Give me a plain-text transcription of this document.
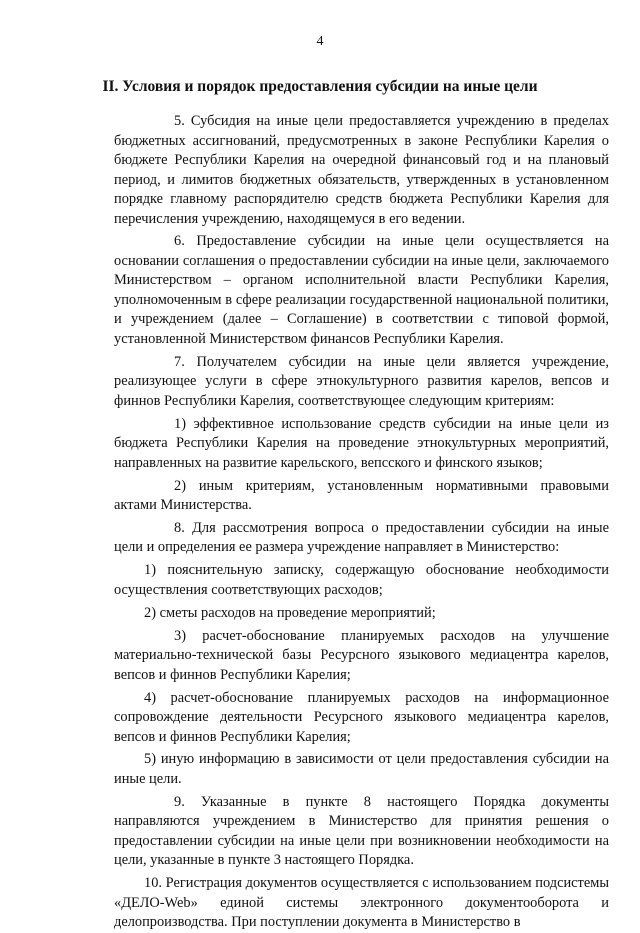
4
II. Условия и порядок предоставления субсидии на иные цели

5. Субсидия на иные цели предоставляется учреждению в пределах бюджетных ассигнований, предусмотренных в законе Республики Карелия о бюджете Республики Карелия на очередной финансовый год и на плановый период, и лимитов бюджетных обязательств, утвержденных в установленном порядке главному распорядителю средств бюджета Республики Карелия для перечисления учреждению, находящемуся в его ведении.

6. Предоставление субсидии на иные цели осуществляется на основании соглашения о предоставлении субсидии на иные цели, заключаемого Министерством – органом исполнительной власти Республики Карелия, уполномоченным в сфере реализации государственной национальной политики, и учреждением (далее – Соглашение) в соответствии с типовой формой, установленной Министерством финансов Республики Карелия.

7. Получателем субсидии на иные цели является учреждение, реализующее услуги в сфере этнокультурного развития карелов, вепсов и финнов Республики Карелия, соответствующее следующим критериям:

1) эффективное использование средств субсидии на иные цели из бюджета Республики Карелия на проведение этнокультурных мероприятий, направленных на развитие карельского, вепсского и финского языков;

2) иным критериям, установленным нормативными правовыми актами Министерства.

8. Для рассмотрения вопроса о предоставлении субсидии на иные цели и определения ее размера учреждение направляет в Министерство:

1) пояснительную записку, содержащую обоснование необходимости осуществления соответствующих расходов;

2) сметы расходов на проведение мероприятий;

3) расчет-обоснование планируемых расходов на улучшение материально-технической базы Ресурсного языкового медиацентра карелов, вепсов и финнов Республики Карелия;

4) расчет-обоснование планируемых расходов на информационное сопровождение деятельности Ресурсного языкового медиацентра карелов, вепсов и финнов Республики Карелия;

5) иную информацию в зависимости от цели предоставления субсидии на иные цели.

9. Указанные в пункте 8 настоящего Порядка документы направляются учреждением в Министерство для принятия решения о предоставлении субсидии на иные цели при возникновении необходимости на цели, указанные в пункте 3 настоящего Порядка.

10. Регистрация документов осуществляется с использованием подсистемы «ДЕЛО-Web» единой системы электронного документооборота и делопроизводства. При поступлении документа в Министерство в
